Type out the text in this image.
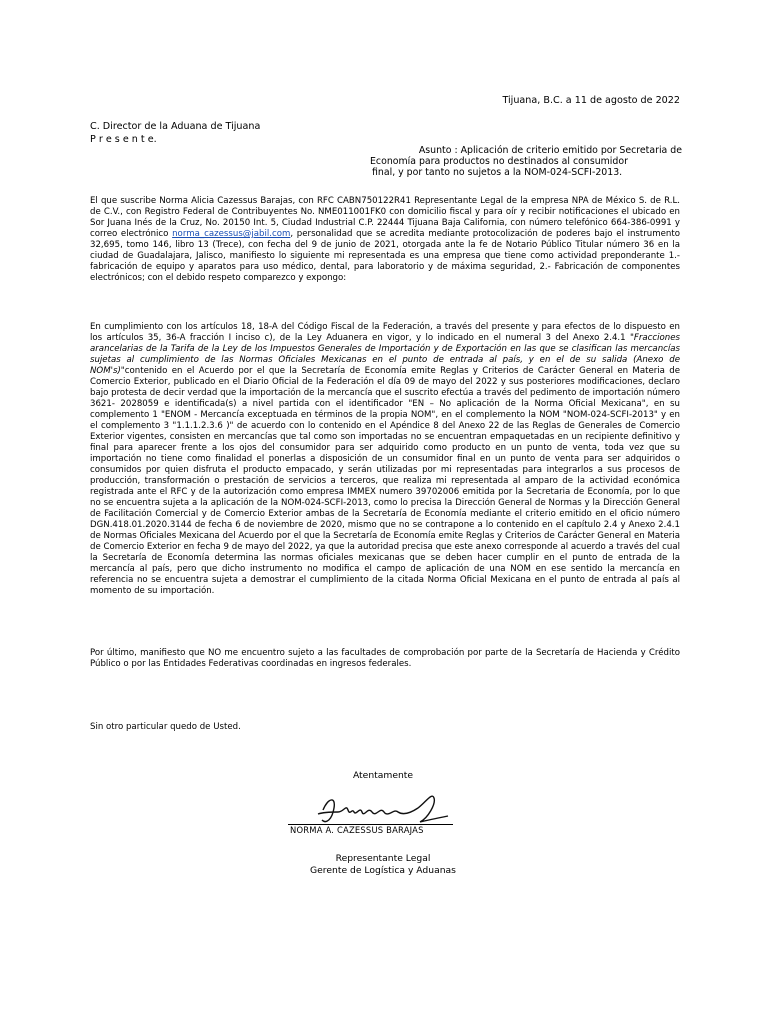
Tijuana, B.C. a 11 de agosto de 2022
C. Director de la Aduana de Tijuana
P r e s e n t e.
Asunto : Aplicación de criterio emitido por Secretaria de
Economía para productos no destinados al consumidor
final, y por tanto no sujetos a la NOM-024-SCFI-2013.

El que suscribe Norma Alicia Cazessus Barajas, con RFC CABN750122R41 Representante Legal de la empresa NPA de México S. de R.L. de C.V., con Registro Federal de Contribuyentes No. NME011001FK0 con domicilio fiscal y para oír y recibir notificaciones el ubicado en Sor Juana Inés de la Cruz, No. 20150 Int. 5, Ciudad Industrial C.P. 22444 Tijuana Baja California, con número telefónico 664-386-0991 y correo electrónico norma_cazessus@jabil.com, personalidad que se acredita mediante protocolización de poderes bajo el instrumento 32,695, tomo 146, libro 13 (Trece), con fecha del 9 de junio de 2021, otorgada ante la fe de Notario Público Titular número 36 en la ciudad de Guadalajara, Jalisco, manifiesto lo siguiente mi representada es una empresa que tiene como actividad preponderante 1.- fabricación de equipo y aparatos para uso médico, dental, para laboratorio y de máxima seguridad, 2.- Fabricación de componentes electrónicos; con el debido respeto comparezco y expongo:

En cumplimiento con los artículos 18, 18-A del Código Fiscal de la Federación, a través del presente y para efectos de lo dispuesto en los artículos 35, 36-A fracción I inciso c), de la Ley Aduanera en vigor, y lo indicado en el numeral 3 del Anexo 2.4.1 "Fracciones arancelarias de la Tarifa de la Ley de los Impuestos Generales de Importación y de Exportación en las que se clasifican las mercancías sujetas al cumplimiento de las Normas Oficiales Mexicanas en el punto de entrada al país, y en el de su salida (Anexo de NOM's)"contenido en el Acuerdo por el que la Secretaría de Economía emite Reglas y Criterios de Carácter General en Materia de Comercio Exterior, publicado en el Diario Oficial de la Federación el día 09 de mayo del 2022 y sus posteriores modificaciones, declaro bajo protesta de decir verdad que la importación de la mercancía que el suscrito efectúa a través del pedimento de importación número 3621- 2028059 e identificada(s) a nivel partida con el identificador "EN – No aplicación de la Norma Oficial Mexicana", en su complemento 1 "ENOM - Mercancía exceptuada en términos de la propia NOM", en el complemento la NOM "NOM-024-SCFI-2013" y en el complemento 3 "1.1.1.2.3.6 )" de acuerdo con lo contenido en el Apéndice 8 del Anexo 22 de las Reglas de Generales de Comercio Exterior vigentes, consisten en mercancías que tal como son importadas no se encuentran empaquetadas en un recipiente definitivo y final para aparecer frente a los ojos del consumidor para ser adquirido como producto en un punto de venta, toda vez que su importación no tiene como finalidad el ponerlas a disposición de un consumidor final en un punto de venta para ser adquiridos o consumidos por quien disfruta el producto empacado, y serán utilizadas por mi representadas para integrarlos a sus procesos de producción, transformación o prestación de servicios a terceros, que realiza mi representada al amparo de la actividad económica registrada ante el RFC y de la autorización como empresa IMMEX numero 39702006 emitida por la Secretaria de Economía, por lo que no se encuentra sujeta a la aplicación de la NOM-024-SCFI-2013, como lo precisa la Dirección General de Normas y la Dirección General de Facilitación Comercial y de Comercio Exterior ambas de la Secretaría de Economía mediante el criterio emitido en el oficio número DGN.418.01.2020.3144 de fecha 6 de noviembre de 2020, mismo que no se contrapone a lo contenido en el capítulo 2.4 y Anexo 2.4.1 de Normas Oficiales Mexicana del Acuerdo por el que la Secretaría de Economía emite Reglas y Criterios de Carácter General en Materia de Comercio Exterior en fecha 9 de mayo del 2022, ya que la autoridad precisa que este anexo corresponde al acuerdo a través del cual la Secretaría de Economía determina las normas oficiales mexicanas que se deben hacer cumplir en el punto de entrada de la mercancía al país, pero que dicho instrumento no modifica el campo de aplicación de una NOM en ese sentido la mercancía en referencia no se encuentra sujeta a demostrar el cumplimiento de la citada Norma Oficial Mexicana en el punto de entrada al país al momento de su importación.

Por último, manifiesto que NO me encuentro sujeto a las facultades de comprobación por parte de la Secretaría de Hacienda y Crédito Público o por las Entidades Federativas coordinadas en ingresos federales.

Sin otro particular quedo de Usted.

Atentamente
NORMA A. CAZESSUS BARAJAS
Representante Legal
Gerente de Logística y Aduanas
